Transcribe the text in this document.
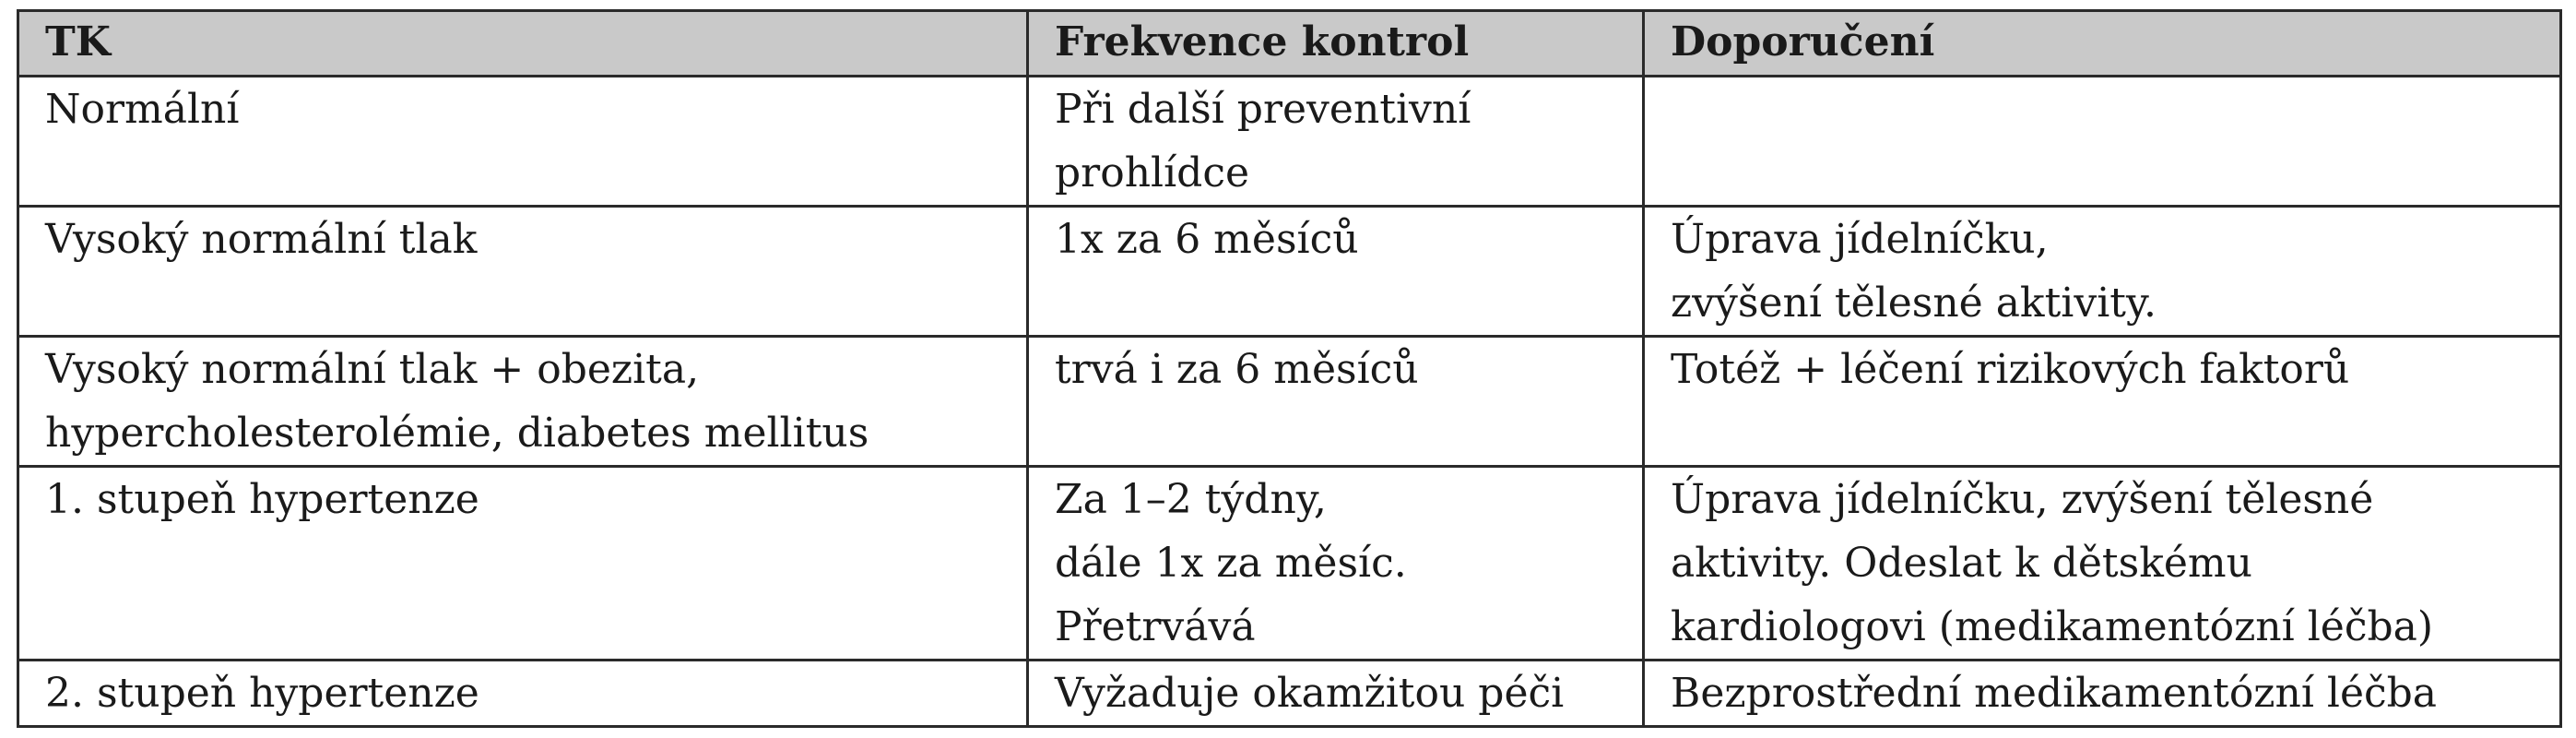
TK	Frekvence kontrol	Doporučení

Normální	Při další preventivní
prohlídce	

Vysoký normální tlak	1x za 6 měsíců	Úprava jídelníčku,
zvýšení tělesné aktivity.

Vysoký normální tlak + obezita,
hypercholesterolémie, diabetes mellitus	trvá i za 6 měsíců	Totéž + léčení rizikových faktorů

1. stupeň hypertenze	Za 1–2 týdny,
dále 1x za měsíc.
Přetrvává	Úprava jídelníčku, zvýšení tělesné
aktivity. Odeslat k dětskému
kardiologovi (medikamentózní léčba)

2. stupeň hypertenze	Vyžaduje okamžitou péči	Bezprostřední medikamentózní léčba
